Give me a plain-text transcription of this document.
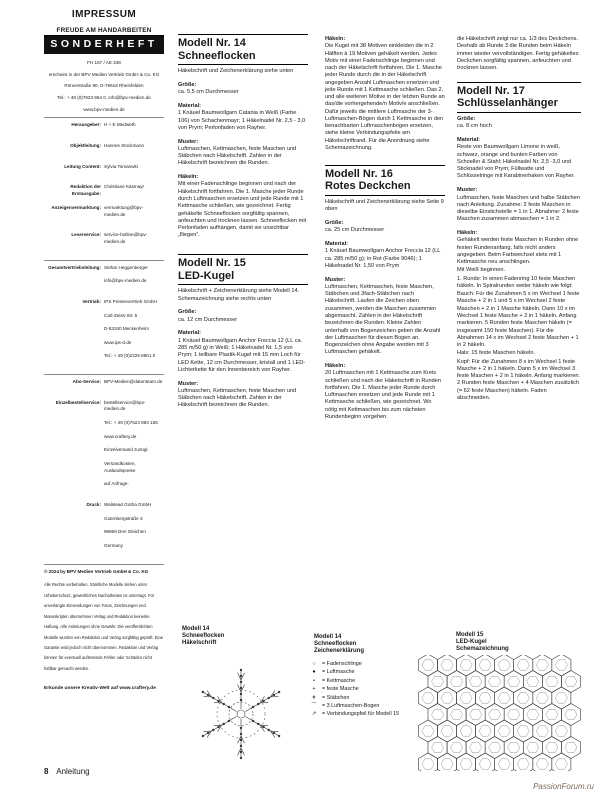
IMPRESSUM
FREUDE AM HANDARBEITEN
SONDERHEFT
FH 167 / AE 348
erscheint in der BPV Medien Vertrieb GmbH & Co. KG
Römerstraße 90, D-79618 Rheinfelden
Tel.: + 49 (0)7623 964 0, info@bpv-medien.de
www.bpv-medien.de
Herausgeber: H + E Medweth
Objektleitung: Hannes Stockmann
Leitung Content: Sylvia Tomanwki
Redaktion der Erstausgabe:
Christiane Käsmayr
Anzeigenvermarktung: vermarktung@bpv-medien.de
Leserservice: service-hotline@bpv-medien.de
Gesamtvertriebsleitung: Stefan Heggenberger
info@bpv-medien.de
Vertrieb: IPS Pressevertrieb GmbH
Carl-Zeiss-Str. 5
D-53340 Meckenheim
www.ips-d.de
Tel.: + 49 (0)2225 8801 0
Abo-Service: BPV-Medien@datenteam.de
Einzelbestellservice: bestellservice@bpv-medien.de
Tel.: + 49 (0)7623 964 155
www.craftery.de
Einzelversand zuzügl.
Versandkosten, Auslandspreise
auf Anfrage.
Druck: Walstead Gotha GmbH
Gutenbergstraße 3
99869 Drei Gleichen
Germany
© 2024 by BPV Medien Vertrieb GmbH & Co. KG
Alle Rechte vorbehalten. Sämtliche Modelle stehen unter Urheberschutz, gewerbliches Nacharbeiten ist untersagt. Für unverlangte Einsendungen von Fotos, Zeichnungen und Manuskripten übernehmen Verlag und Redaktion keinerlei Haftung. Alle Anleitungen ohne Gewähr. Die veröffentlichten Modelle wurden von Redaktion und Verlag sorgfältig geprüft. Eine Garantie wird jedoch nicht übernommen. Redaktion und Verlag können für eventuell auftretende Fehler oder Schäden nicht haftbar gemacht werden.
Erkunde unsere Kreativ-Welt auf www.craftery.de
Modell Nr. 14
Schneeflocken

Häkelschrift und Zeichenerklärung siehe unten

Größe:

ca. 5,5 cm Durchmesser

Material:

1 Knäuel Baumwollgarn Catania in Weiß (Farbe 106) von Schachenmayr; 1 Häkelnadel Nr. 2,5 - 3,0 von Prym; Perlonfaden von Rayher.

Muster:

Luftmaschen, Kettmaschen, feste Maschen und Stäbchen nach Häkelschrift. Zahlen in der Häkelschrift bezeichnen die Runden.

Häkeln:

Mit einer Fadenschlinge beginnen und nach der Häkelschrift fortfahren. Die 1. Masche jeder Runde durch Luftmaschen ersetzen und jede Runde mit 1 Kettmasche schließen, wie gezeichnet. Fertig gehäkelte Schneeflocken sorgfältig spannen, anfeuchten und trocknen lassen. Schneeflocken mit Perlonfaden aufhängen, damit sie unsichtbar „fliegen“.

Modell Nr. 15
LED-Kugel

Häkelschrift + Zeichenerklärung siehe Modell 14. Schemazeichnung siehe rechts unten

Größe:

ca. 12 cm Durchmesser

Material:

1 Knäuel Baumwollgarn Anchor Freccia 12 (LL ca. 285 m/50 g) in Weiß; 1 Häkelnadel Nr. 1,5 von Prym; 1 teilbare Plastik-Kugel mit 15 mm Loch für LED Kette, 12 cm Durchmesser, kristall und 1 LED-Lichterkette für den Innenbereich von Rayher.

Muster:

Luftmaschen, Kettmaschen, feste Maschen und Stäbchen nach Häkelschrift. Zahlen in der Häkelschrift bezeichnen die Runden.

Häkeln:

Die Kugel mit 38 Motiven einkleiden die in 2 Hälften à 19 Motiven gehäkelt werden. Jedes Motiv mit einer Fadenschlinge beginnen und nach der Häkelschrift fortfahren. Die 1. Masche jeder Runde durch die in der Häkelschrift angegeben Anzahl Luftmaschen ersetzen und jede Runde mit 1 Kettmasche schließen. Das 2. und alle weiteren Motive in der letzten Runde an das/die vorhergehende/n Motiv/e anschließen. Dafür jeweils die mittlere Luftmasche der 3-Luftmaschen-Bögen durch 1 Kettmasche in den benachbarten Luftmaschenbogen ersetzen, siehe kleine Verbindungspfeile am Häkelschriftrand. Für die Anordnung siehe Schemazeichnung.

Modell Nr. 16
Rotes Deckchen

Häkelschrift und Zeichenerklärung siehe Seite 9 oben

Größe:

ca. 25 cm Durchmesser

Material:

1 Knäuel Baumwollgarn Anchor Freccia 12 (LL ca. 285 m/50 g); in Rot (Farbe 9046); 1 Häkelnadel Nr. 1,50 von Prym

Muster:

Luftmaschen, Kettmaschen, feste Maschen, Stäbchen und 3fach-Stäbchen nach Häkelschrift. Laufen die Zeichen oben zusammen, werden die Maschen zusammen abgemascht. Zahlen in der Häkelschrift bezeichnen die Runden. Kleine Zahlen unterhalb von Bogenzeichen geben die Anzahl der Luftmaschen für diesen Bogen an. Bogenzeichen ohne Angabe werden mit 3 Luftmaschen gehäkelt.

Häkeln:

20 Luftmaschen mit 1 Kettmasche zum Kreis schließen und nach der Häkelschrift in Runden fortfahren. Die 1. Masche jeder Runde durch Luftmaschen ersetzen und jede Runde mit 1 Kettmasche schließen, wie gezeichnet. Wo nötig mit Kettmaschen bis zum nächsten Rundenbeginn vorgehen.

die Häkelschrift zeigt nur ca. 1/3 des Deckchens. Deshalb ab Runde 3 die Runden beim Häkeln immer wieder vervollständigen. Fertig gehäkeltes Deckchen sorgfältig spannen, anfeuchten und trocknen lassen.

Modell Nr. 17
Schlüsselanhänger
Größe:

ca. 8 cm hoch

Material:

Reste von Baumwollgarn Limone in weiß, schwarz, orange und bunten Farben von Schoeller & Stahl; Häkelnadel Nr. 2,5 -3,0 und Sticknadel von Prym; Füllwatte und Schlüsselringe mit Karabinerhaken von Rayher.

Muster:

Luftmaschen, feste Maschen und halbe Stäbchen nach Anleitung. Zunahme: 2 feste Maschen in dieselbe Einstichstelle = 1 in 1. Abnahme: 2 feste Maschen zusammen abmaschen = 1 in 2.

Häkeln:

Gehäkelt werden feste Maschen in Runden ohne festen Rundenanfang, falls nicht anders angegeben. Beim Farbwechsel stets mit 1 Kettmasche neu anschlingen.

Mit Weiß beginnen.

1. Runde: In einen Fadenring 10 feste Maschen häkeln. In Spiralrunden weiter häkeln wie folgt:

Bauch: Für die Zunahmen 5 x im Wechsel 1 feste Masche + 2 in 1 und 5 x im Wechsel 2 feste Maschen + 2 in 1 Masche häkeln. Dann 10 x im Wechsel 1 feste Masche + 2 in 1 häkeln. Anfang markieren. 5 Runden feste Maschen häkeln (= insgesamt 150 feste Maschen). Für die Abnahmen 14 x im Wechsel 2 feste Maschen + 1 in 2 häkeln.

Hals: 15 feste Maschen häkeln.

Kopf: Für die Zunahmen 8 x im Wechsel 1 feste Masche + 2 in 1 häkeln. Dann 5 x im Wechsel 3 feste Maschen + 2 in 1 häkeln. Anfang markieren. 2 Runden feste Maschen + 4 Maschen zusätzlich (= 62 feste Maschen) häkeln. Faden abschneiden.

Modell 14
Schneeflocken
Häkelschrift
Modell 14
Schneeflocken
Zeichenerklärung
○	= Fadenschlinge
●	= Luftmasche
•	= Kettmasche
+	= feste Masche
ǂ	= Stäbchen
⌒ = 3 Luftmaschen-Bogen
↗	= Verbindungspfeil für Modell 15
Modell 15
LED-Kugel
Schemazeichnung
8 Anleitung
PassionForum.ru
